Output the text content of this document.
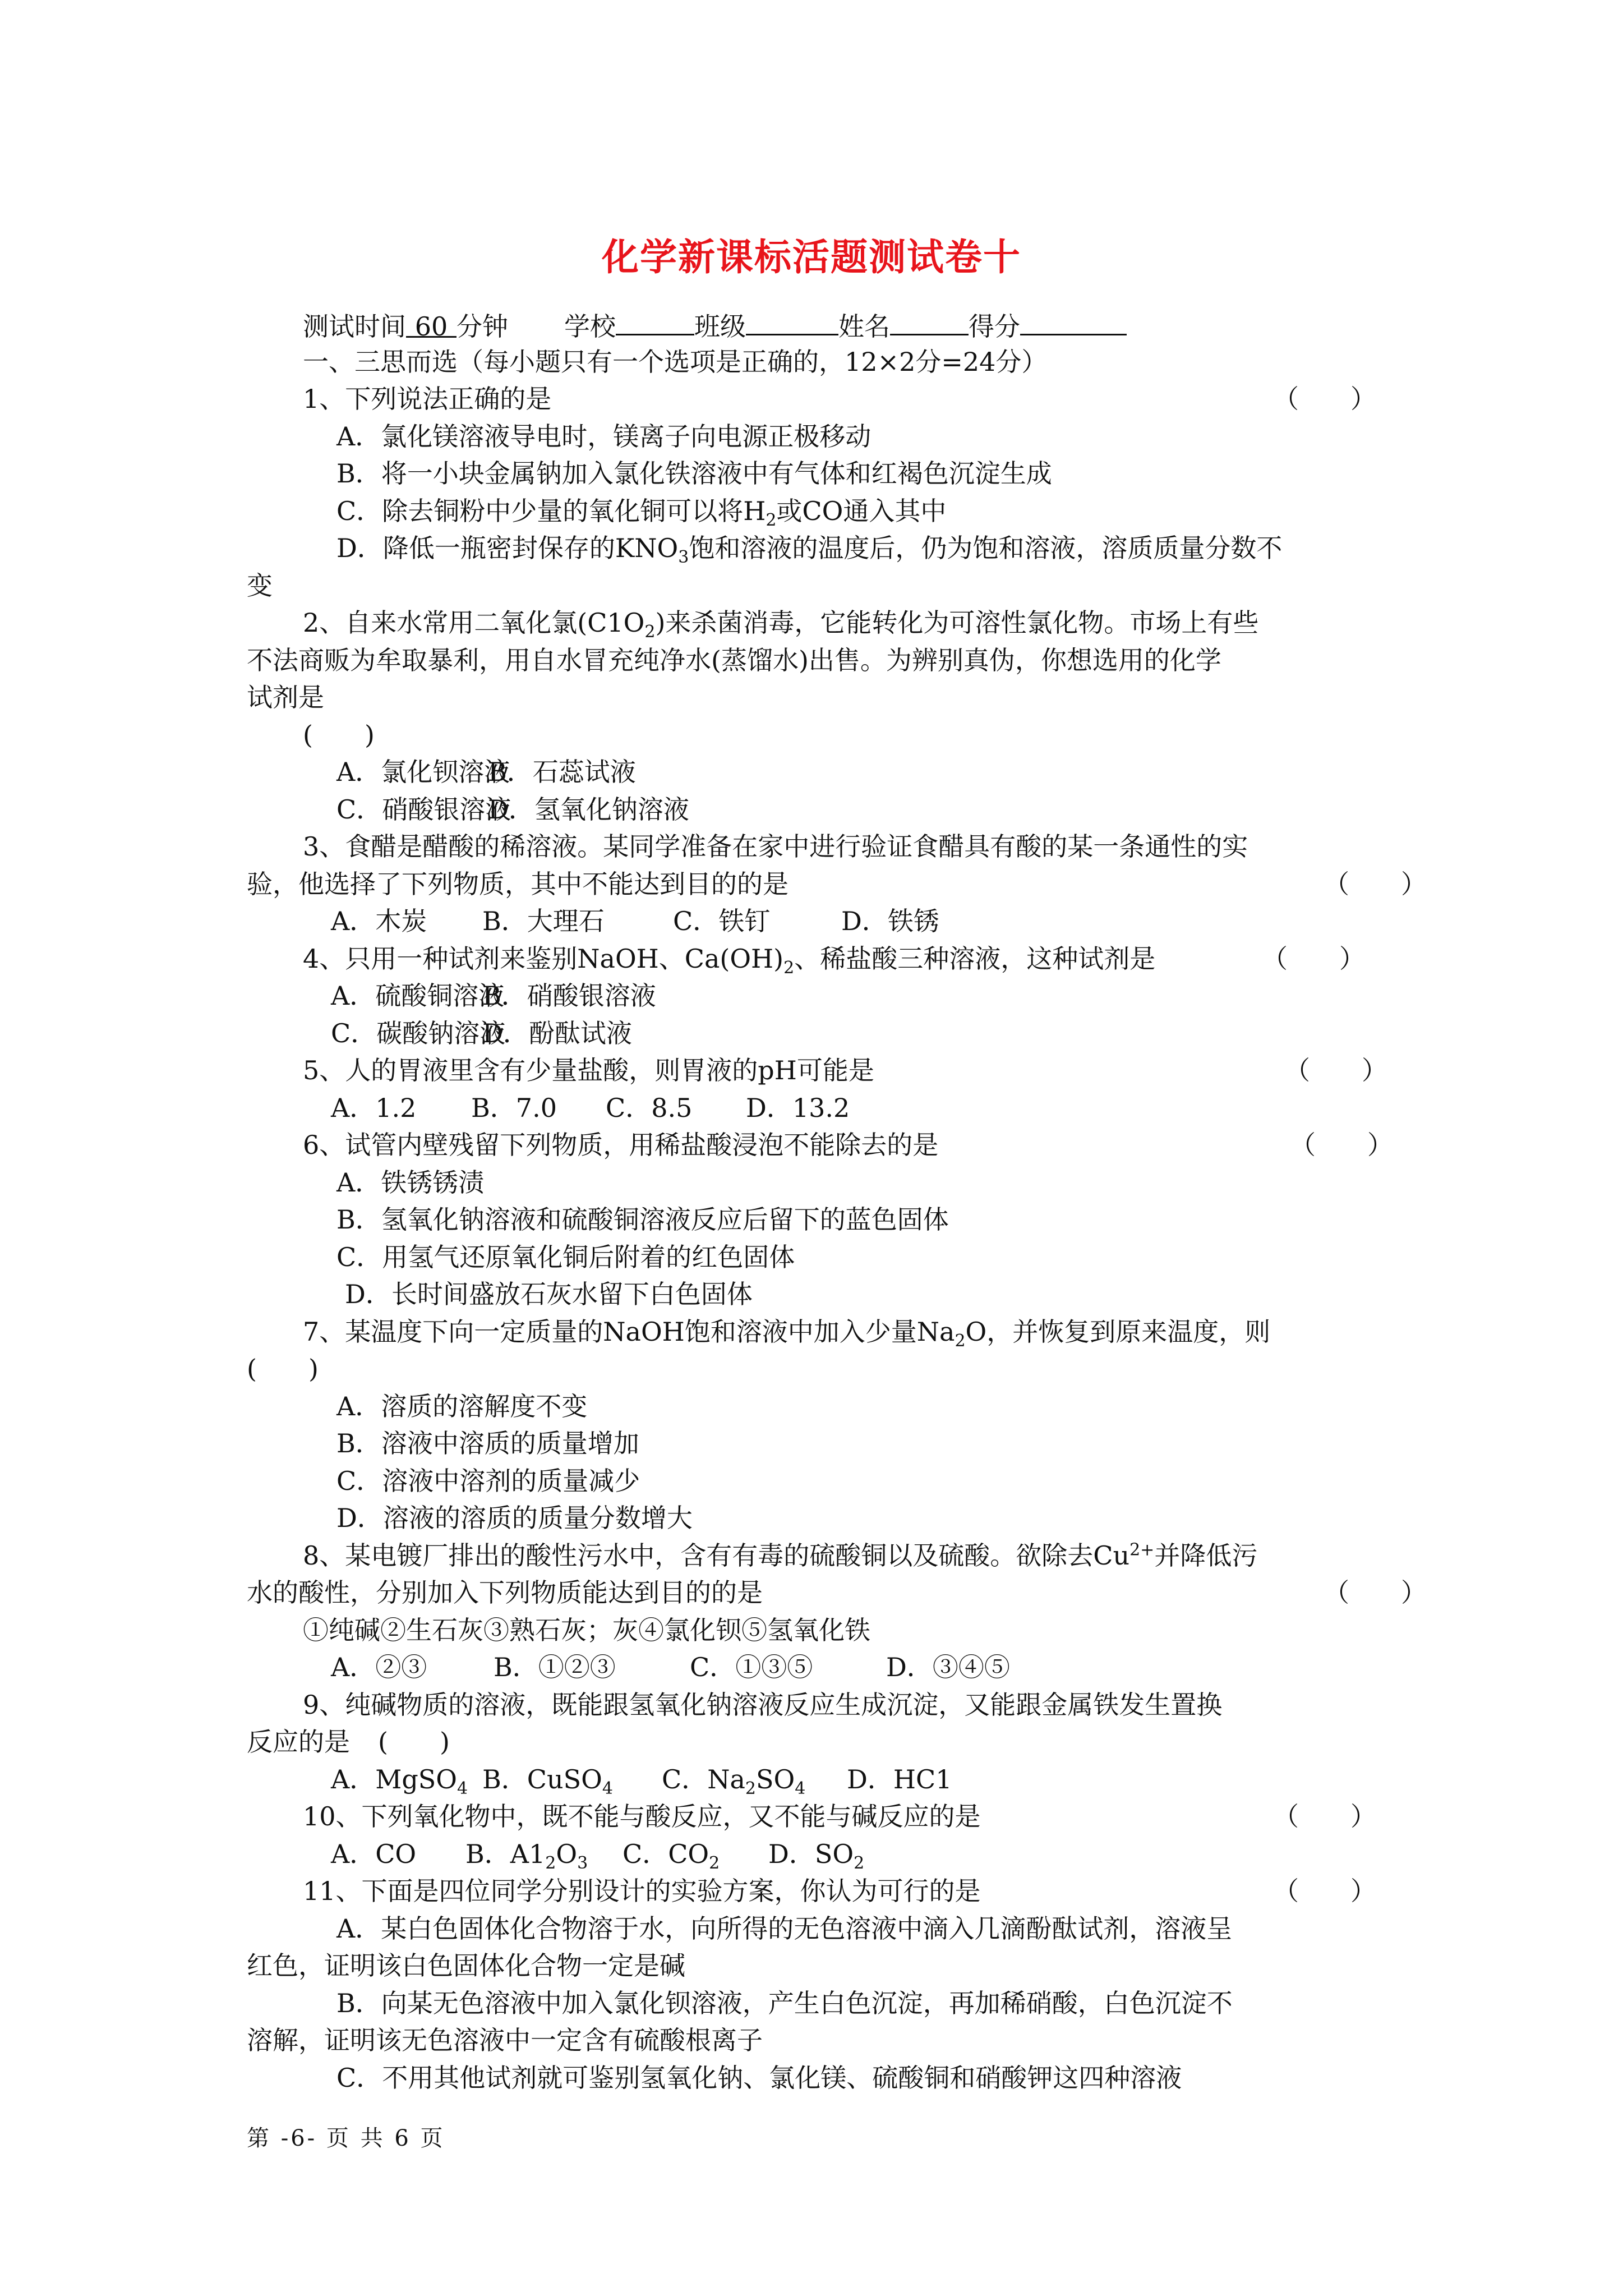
化学新课标活题测试卷十
测试时间 60 分钟 学校	班级	姓名	得分
一、三思而选（每小题只有一个选项是正确的，12×2分=24分）
1、下列说法正确的是	（　　）
A．氯化镁溶液导电时，镁离子向电源正极移动
B．将一小块金属钠加入氯化铁溶液中有气体和红褐色沉淀生成
C．除去铜粉中少量的氧化铜可以将$H_2$或CO通入其中
D．降低一瓶密封保存的$KNO_3$饱和溶液的温度后，仍为饱和溶液，溶质质量分数不
变
2、自来水常用二氧化氯$(C1O_2)$来杀菌消毒，它能转化为可溶性氯化物。市场上有些
不法商贩为牟取暴利，用自水冒充纯净水(蒸馏水)出售。为辨别真伪，你想选用的化学
试剂是
(　　)
A．氯化钡溶液B．石蕊试液
C．硝酸银溶液D．氢氧化钠溶液
3、食醋是醋酸的稀溶液。某同学准备在家中进行验证食醋具有酸的某一条通性的实
验，他选择了下列物质，其中不能达到目的的是	（　　）
A．木炭 B．大理石	C．铁钉	D．铁锈
4、只用一种试剂来鉴别NaOH、$Ca(OH)_2$、稀盐酸三种溶液，这种试剂是	（　　）
A．硫酸铜溶液B．硝酸银溶液
C．碳酸钠溶液D．酚酞试液
5、人的胃液里含有少量盐酸，则胃液的pH可能是	（　　）
A．1.2 B．7.0 C．8.5 D．13.2
6、试管内壁残留下列物质，用稀盐酸浸泡不能除去的是	（　　）
A．铁锈锈渍
B．氢氧化钠溶液和硫酸铜溶液反应后留下的蓝色固体
C．用氢气还原氧化铜后附着的红色固体
D．长时间盛放石灰水留下白色固体
7、某温度下向一定质量的NaOH饱和溶液中加入少量$Na_2O$，并恢复到原来温度，则
(　　)
A．溶质的溶解度不变
B．溶液中溶质的质量增加
C．溶液中溶剂的质量减少
D．溶液的溶质的质量分数增大
8、某电镀厂排出的酸性污水中，含有有毒的硫酸铜以及硫酸。欲除去$Cu^{2+}$并降低污
水的酸性，分别加入下列物质能达到目的的是	（　　）
①纯碱②生石灰③熟石灰；灰④氯化钡⑤氢氧化铁
A．②③	B．①②③	C．①③⑤	D．③④⑤
9、纯碱物质的溶液，既能跟氢氧化钠溶液反应生成沉淀，又能跟金属铁发生置换
反应的是 (　　)
A．MgSO$_4$ B．CuSO$_4$ C．$Na_2SO_4$ D．HC1
10、下列氧化物中，既不能与酸反应，又不能与碱反应的是	（　　）
A．CO B．$A1_2O_3$ C．$CO_2$ D．$SO_2$
11、下面是四位同学分别设计的实验方案，你认为可行的是	（　　）
A．某白色固体化合物溶于水，向所得的无色溶液中滴入几滴酚酞试剂，溶液呈
红色，证明该白色固体化合物一定是碱
B．向某无色溶液中加入氯化钡溶液，产生白色沉淀，再加稀硝酸，白色沉淀不
溶解，证明该无色溶液中一定含有硫酸根离子
C．不用其他试剂就可鉴别氢氧化钠、氯化镁、硫酸铜和硝酸钾这四种溶液
第 -6- 页 共 6 页
